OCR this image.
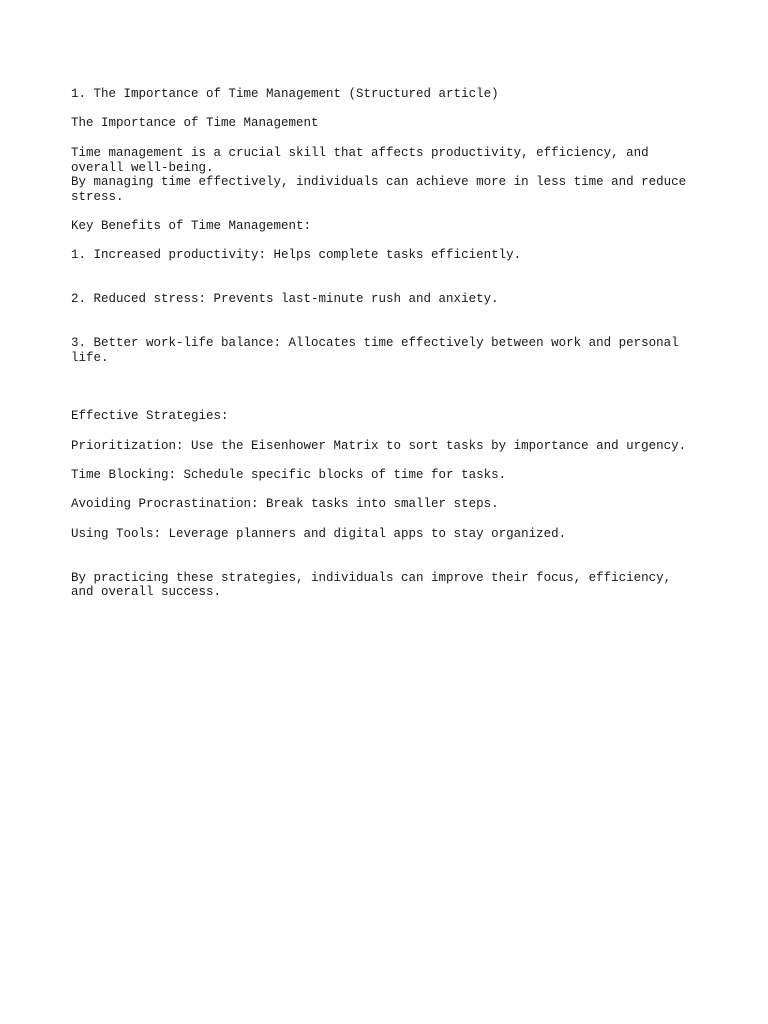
1. The Importance of Time Management (Structured article)

The Importance of Time Management

Time management is a crucial skill that affects productivity, efficiency, and

overall well-being.

By managing time effectively, individuals can achieve more in less time and reduce

stress.

Key Benefits of Time Management:

1. Increased productivity: Helps complete tasks efficiently.

2. Reduced stress: Prevents last-minute rush and anxiety.

3. Better work-life balance: Allocates time effectively between work and personal

life.

Effective Strategies:

Prioritization: Use the Eisenhower Matrix to sort tasks by importance and urgency.

Time Blocking: Schedule specific blocks of time for tasks.

Avoiding Procrastination: Break tasks into smaller steps.

Using Tools: Leverage planners and digital apps to stay organized.

By practicing these strategies, individuals can improve their focus, efficiency,

and overall success.
